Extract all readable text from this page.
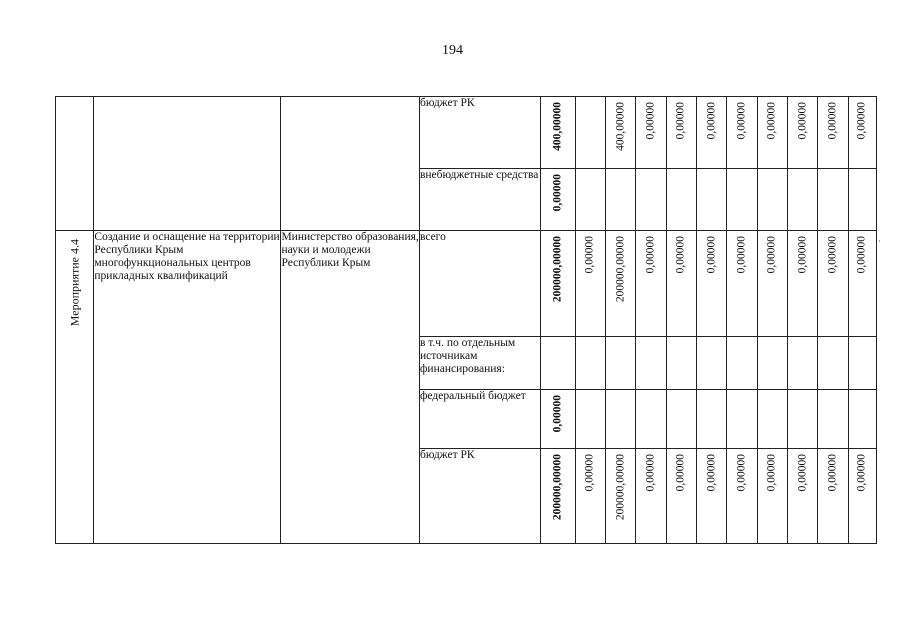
194
·
			бюджет РК	400,00000		400,00000	0,00000	0,00000	0,00000	0,00000	0,00000	0,00000	0,00000	0,00000

			внебюджетные средства	0,00000										

Мероприятие 4.4	Создание и оснащение на территории Республики Крым многофункциональных центров прикладных квалификаций	Министерство образования, науки и молодежи Республики Крым	всего	200000,00000	0,00000	200000,00000	0,00000	0,00000	0,00000	0,00000	0,00000	0,00000	0,00000	0,00000

			в т.ч. по отдельным источникам финансирования:											
			федеральный бюджет	0,00000										

			бюджет РК	200000,00000	0,00000	200000,00000	0,00000	0,00000	0,00000	0,00000	0,00000	0,00000	0,00000	0,00000
